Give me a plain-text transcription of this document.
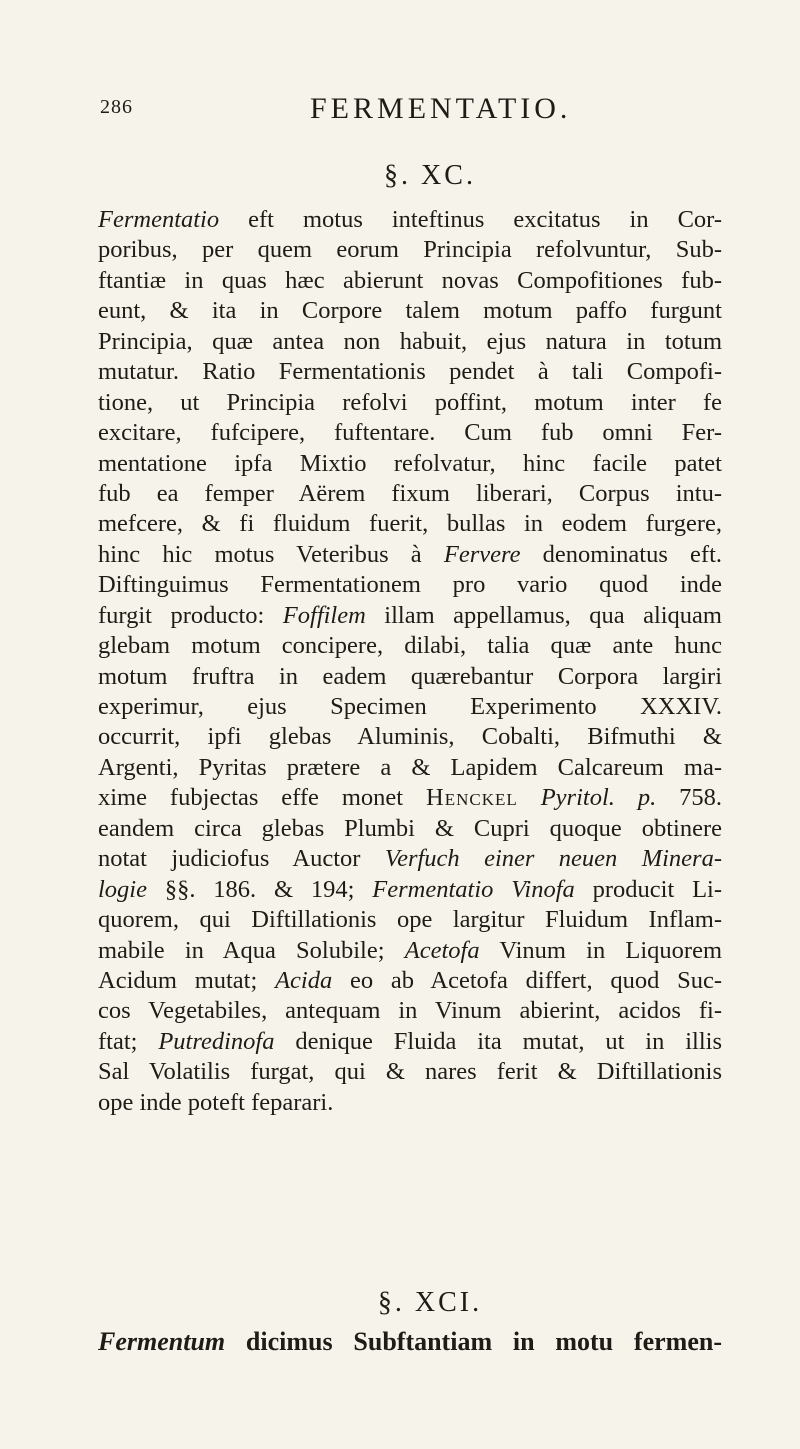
286	FERMENTATIO.
§. XC.
Fermentatio eft motus inteftinus excitatus in Cor-
poribus, per quem eorum Principia refolvuntur, Sub-
ftantiæ in quas hæc abierunt novas Compofitiones fub-
eunt, & ita in Corpore talem motum paffo furgunt
Principia, quæ antea non habuit, ejus natura in totum
mutatur. Ratio Fermentationis pendet à tali Compofi-
tione, ut Principia refolvi poffint, motum inter fe
excitare, fufcipere, fuftentare. Cum fub omni Fer-
mentatione ipfa Mixtio refolvatur, hinc facile patet
fub ea femper Aërem fixum liberari, Corpus intu-
mefcere, & fi fluidum fuerit, bullas in eodem furgere,
hinc hic motus Veteribus à Fervere denominatus eft.
Diftinguimus Fermentationem pro vario quod inde
furgit producto: Foffilem illam appellamus, qua aliquam
glebam motum concipere, dilabi, talia quæ ante hunc
motum fruftra in eadem quærebantur Corpora largiri
experimur, ejus Specimen Experimento XXXIV.
occurrit, ipfi glebas Aluminis, Cobalti, Bifmuthi &
Argenti, Pyritas prætere a & Lapidem Calcareum ma-
xime fubjectas effe monet Henckel Pyritol. p. 758.
eandem circa glebas Plumbi & Cupri quoque obtinere
notat judiciofus Auctor Verfuch einer neuen Minera-
logie §§. 186. & 194; Fermentatio Vinofa producit Li-
quorem, qui Diftillationis ope largitur Fluidum Inflam-
mabile in Aqua Solubile; Acetofa Vinum in Liquorem
Acidum mutat; Acida eo ab Acetofa differt, quod Suc-
cos Vegetabiles, antequam in Vinum abierint, acidos fi-
ftat; Putredinofa denique Fluida ita mutat, ut in illis
Sal Volatilis furgat, qui & nares ferit & Diftillationis
ope inde poteft feparari.
§. XCI.
Fermentum dicimus Subftantiam in motu fermen-
